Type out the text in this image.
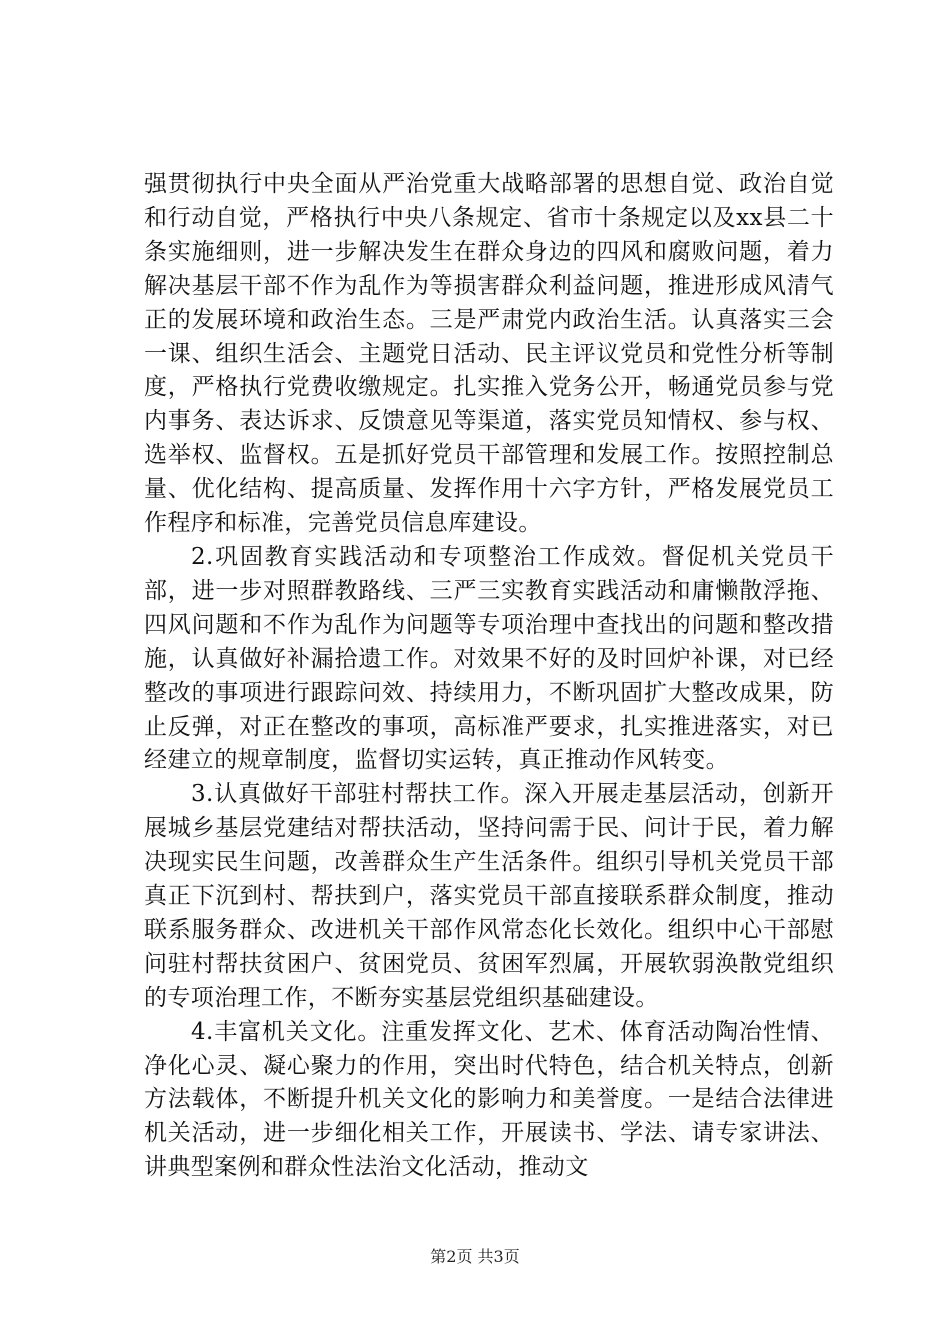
强贯彻执行中央全面从严治党重大战略部署的思想自觉、政治自觉和行动自觉，严格执行中央八条规定、省市十条规定以及xx县二十条实施细则，进一步解决发生在群众身边的四风和腐败问题，着力解决基层干部不作为乱作为等损害群众利益问题，推进形成风清气正的发展环境和政治生态。三是严肃党内政治生活。认真落实三会一课、组织生活会、主题党日活动、民主评议党员和党性分析等制度，严格执行党费收缴规定。扎实推入党务公开，畅通党员参与党内事务、表达诉求、反馈意见等渠道，落实党员知情权、参与权、选举权、监督权。五是抓好党员干部管理和发展工作。按照控制总量、优化结构、提高质量、发挥作用十六字方针，严格发展党员工作程序和标准，完善党员信息库建设。

2.巩固教育实践活动和专项整治工作成效。督促机关党员干部，进一步对照群教路线、三严三实教育实践活动和庸懒散浮拖、四风问题和不作为乱作为问题等专项治理中查找出的问题和整改措施，认真做好补漏拾遗工作。对效果不好的及时回炉补课，对已经整改的事项进行跟踪问效、持续用力，不断巩固扩大整改成果，防止反弹，对正在整改的事项，高标准严要求，扎实推进落实，对已经建立的规章制度，监督切实运转，真正推动作风转变。

3.认真做好干部驻村帮扶工作。深入开展走基层活动，创新开展城乡基层党建结对帮扶活动，坚持问需于民、问计于民，着力解决现实民生问题，改善群众生产生活条件。组织引导机关党员干部真正下沉到村、帮扶到户，落实党员干部直接联系群众制度，推动联系服务群众、改进机关干部作风常态化长效化。组织中心干部慰问驻村帮扶贫困户、贫困党员、贫困军烈属，开展软弱涣散党组织的专项治理工作，不断夯实基层党组织基础建设。

4.丰富机关文化。注重发挥文化、艺术、体育活动陶冶性情、净化心灵、凝心聚力的作用，突出时代特色，结合机关特点，创新方法载体，不断提升机关文化的影响力和美誉度。一是结合法律进机关活动，进一步细化相关工作，开展读书、学法、请专家讲法、讲典型案例和群众性法治文化活动，推动文

第2页 共3页
